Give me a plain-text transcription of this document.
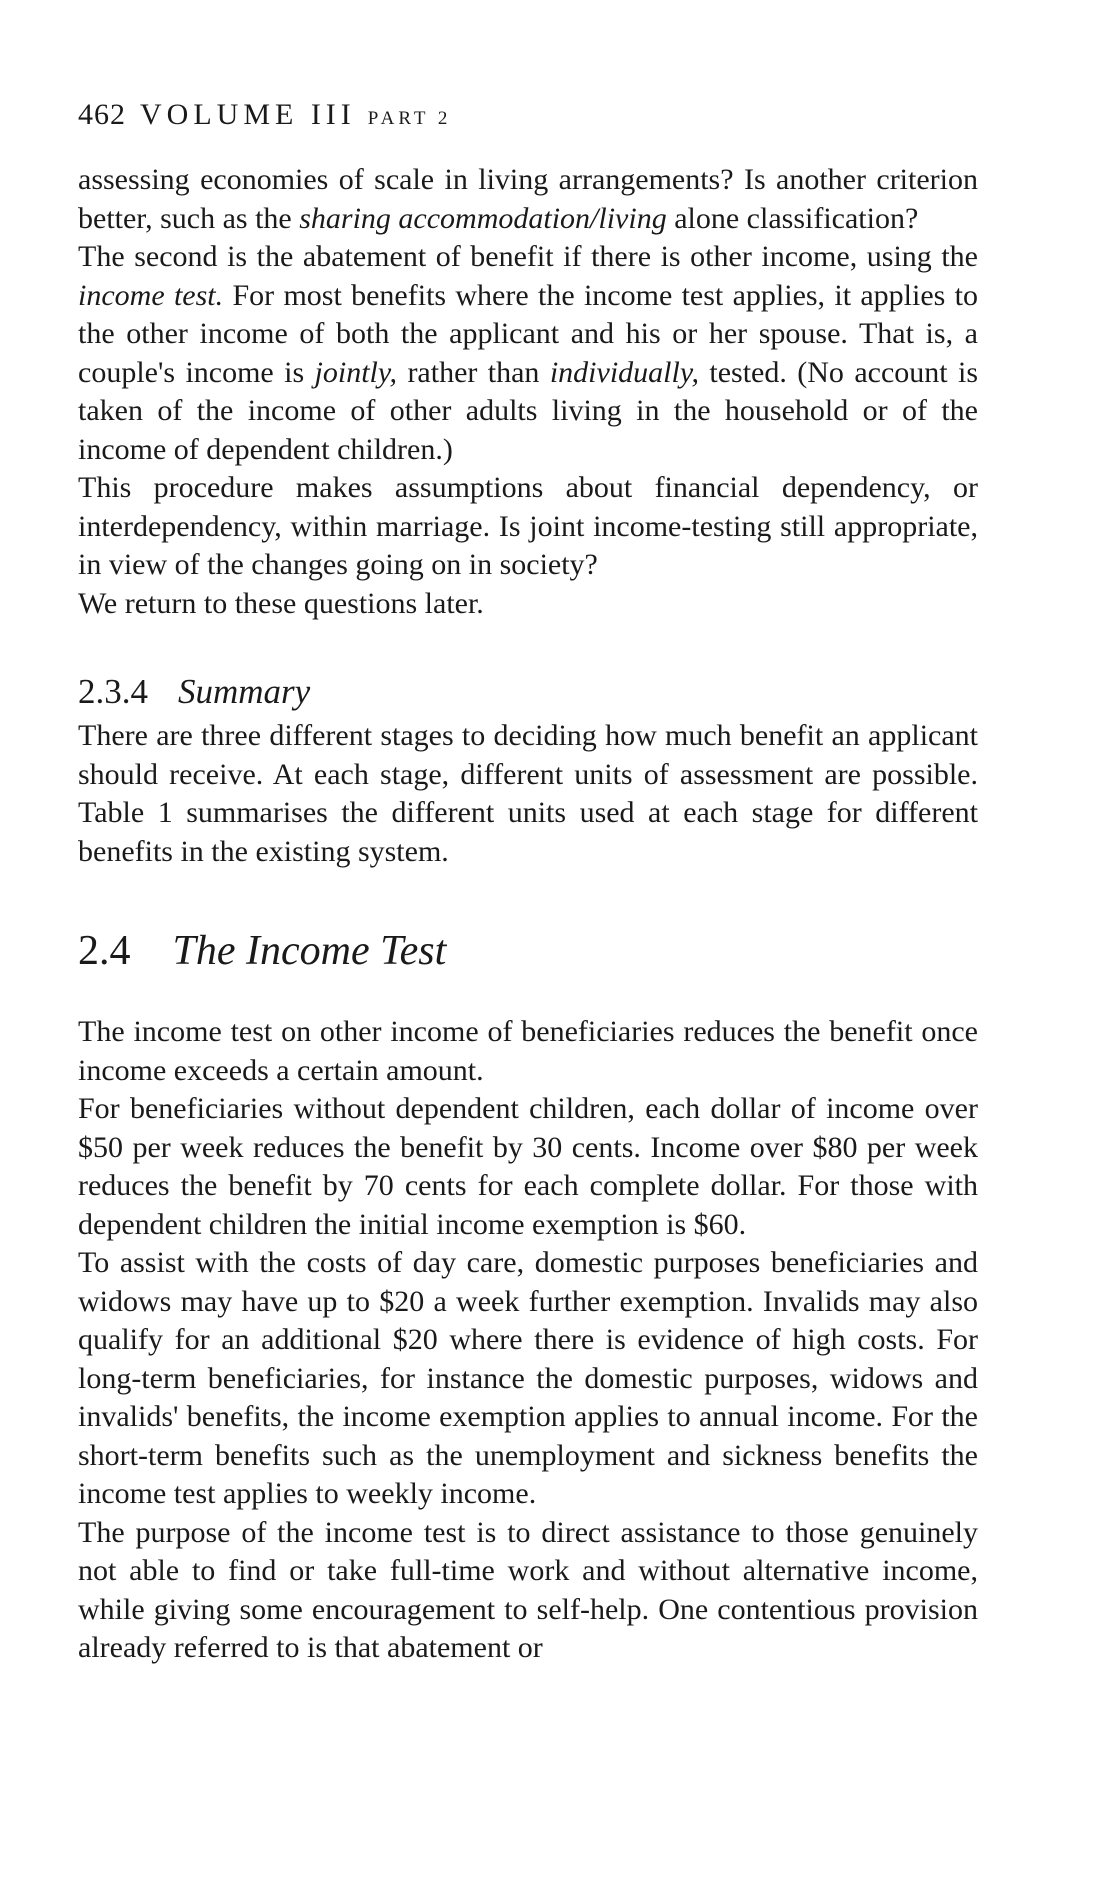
462 VOLUME III PART 2

assessing economies of scale in living arrangements? Is another criterion better, such as the sharing accommodation/living alone classification?

The second is the abatement of benefit if there is other income, using the income test. For most benefits where the income test applies, it applies to the other income of both the applicant and his or her spouse. That is, a couple's income is jointly, rather than individually, tested. (No account is taken of the income of other adults living in the household or of the income of dependent children.)

This procedure makes assumptions about financial dependency, or interdependency, within marriage. Is joint income-testing still appropriate, in view of the changes going on in society?

We return to these questions later.

2.3.4 Summary

There are three different stages to deciding how much benefit an applicant should receive. At each stage, different units of assessment are possible. Table 1 summarises the different units used at each stage for different benefits in the existing system.

2.4 The Income Test

The income test on other income of beneficiaries reduces the benefit once income exceeds a certain amount.

For beneficiaries without dependent children, each dollar of income over $50 per week reduces the benefit by 30 cents. Income over $80 per week reduces the benefit by 70 cents for each complete dollar. For those with dependent children the initial income exemption is $60.

To assist with the costs of day care, domestic purposes beneficiaries and widows may have up to $20 a week further exemption. Invalids may also qualify for an additional $20 where there is evidence of high costs. For long-term beneficiaries, for instance the domestic purposes, widows and invalids' benefits, the income exemption applies to annual income. For the short-term benefits such as the unemployment and sickness benefits the income test applies to weekly income.

The purpose of the income test is to direct assistance to those genuinely not able to find or take full-time work and without alternative income, while giving some encouragement to self-help. One contentious provision already referred to is that abatement or
